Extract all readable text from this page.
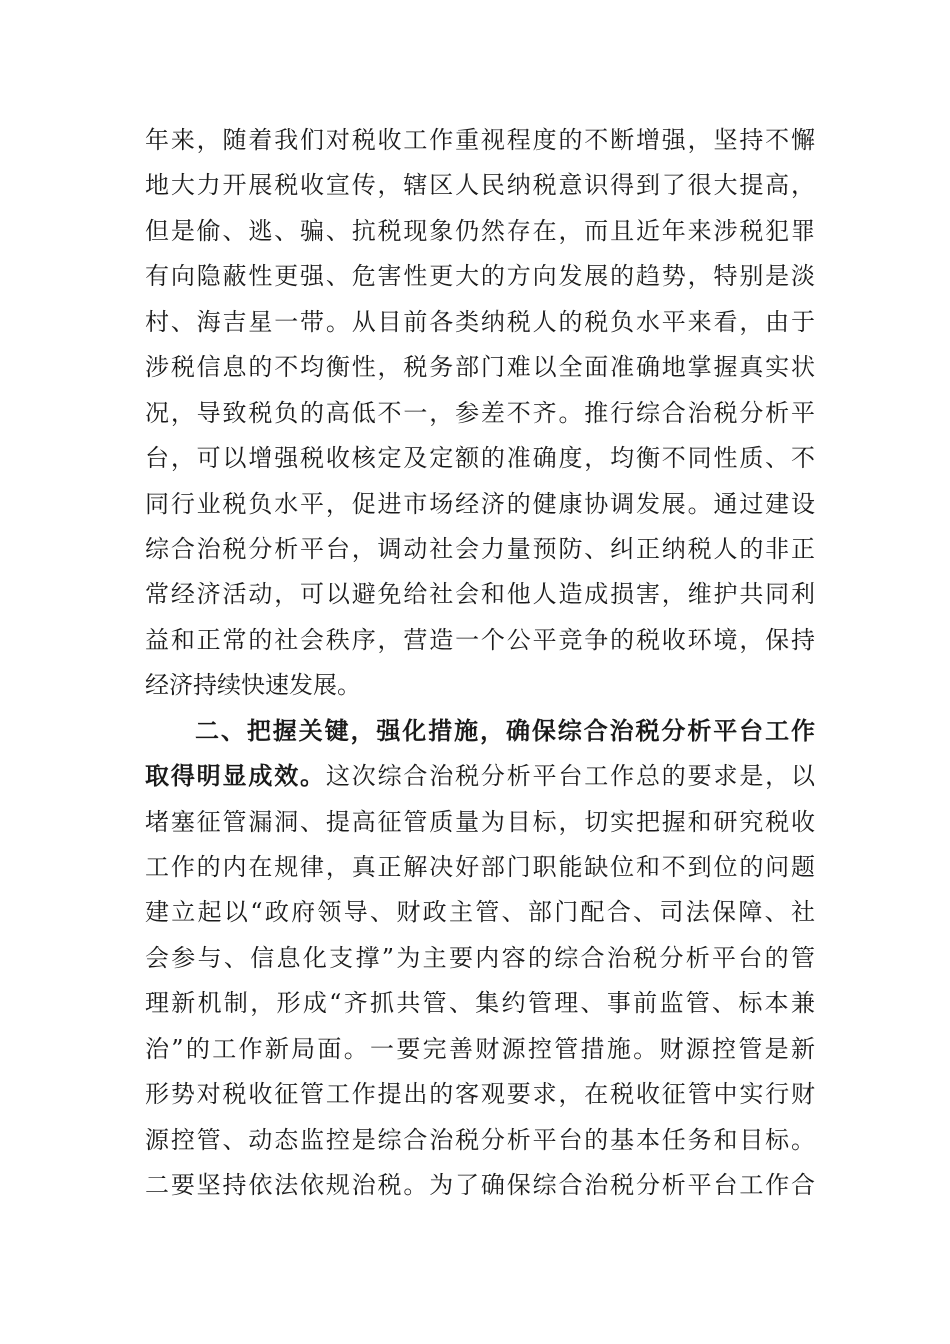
年来，随着我们对税收工作重视程度的不断增强，坚持不懈
地大力开展税收宣传，辖区人民纳税意识得到了很大提高，
但是偷、逃、骗、抗税现象仍然存在，而且近年来涉税犯罪
有向隐蔽性更强、危害性更大的方向发展的趋势，特别是淡
村、海吉星一带。从目前各类纳税人的税负水平来看，由于
涉税信息的不均衡性，税务部门难以全面准确地掌握真实状
况，导致税负的高低不一，参差不齐。推行综合治税分析平
台，可以增强税收核定及定额的准确度，均衡不同性质、不
同行业税负水平，促进市场经济的健康协调发展。通过建设
综合治税分析平台，调动社会力量预防、纠正纳税人的非正
常经济活动，可以避免给社会和他人造成损害，维护共同利
益和正常的社会秩序，营造一个公平竞争的税收环境，保持
经济持续快速发展。
二、把握关键，强化措施，确保综合治税分析平台工作
取得明显成效。这次综合治税分析平台工作总的要求是，以
堵塞征管漏洞、提高征管质量为目标，切实把握和研究税收
工作的内在规律，真正解决好部门职能缺位和不到位的问题
建立起以“政府领导、财政主管、部门配合、司法保障、社
会参与、信息化支撑”为主要内容的综合治税分析平台的管
理新机制，形成“齐抓共管、集约管理、事前监管、标本兼
治”的工作新局面。一要完善财源控管措施。财源控管是新
形势对税收征管工作提出的客观要求，在税收征管中实行财
源控管、动态监控是综合治税分析平台的基本任务和目标。
二要坚持依法依规治税。为了确保综合治税分析平台工作合
